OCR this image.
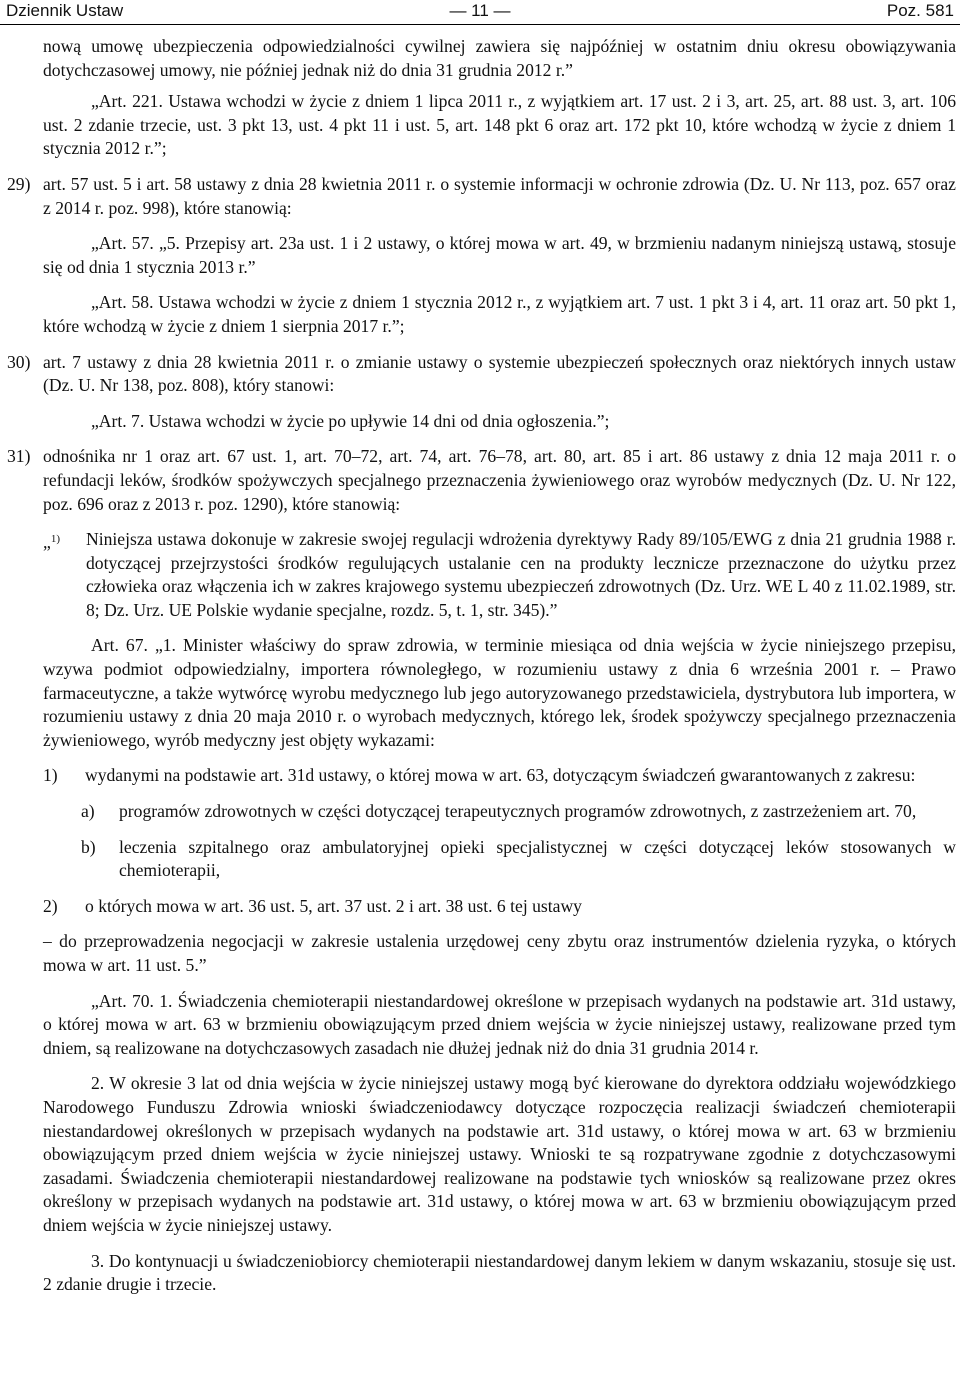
Dziennik Ustaw	— 11 —	Poz. 581

nową umowę ubezpieczenia odpowiedzialności cywilnej zawiera się najpóźniej w ostatnim dniu okresu obowiązywania dotychczasowej umowy, nie później jednak niż do dnia 31 grudnia 2012 r.”

„Art. 221. Ustawa wchodzi w życie z dniem 1 lipca 2011 r., z wyjątkiem art. 17 ust. 2 i 3, art. 25, art. 88 ust. 3, art. 106 ust. 2 zdanie trzecie, ust. 3 pkt 13, ust. 4 pkt 11 i ust. 5, art. 148 pkt 6 oraz art. 172 pkt 10, które wchodzą w życie z dniem 1 stycznia 2012 r.”;

29) art. 57 ust. 5 i art. 58 ustawy z dnia 28 kwietnia 2011 r. o systemie informacji w ochronie zdrowia (Dz. U. Nr 113, poz. 657 oraz z 2014 r. poz. 998), które stanowią:

„Art. 57. „5. Przepisy art. 23a ust. 1 i 2 ustawy, o której mowa w art. 49, w brzmieniu nadanym niniejszą ustawą, stosuje się od dnia 1 stycznia 2013 r.”

„Art. 58. Ustawa wchodzi w życie z dniem 1 stycznia 2012 r., z wyjątkiem art. 7 ust. 1 pkt 3 i 4, art. 11 oraz art. 50 pkt 1, które wchodzą w życie z dniem 1 sierpnia 2017 r.”;

30) art. 7 ustawy z dnia 28 kwietnia 2011 r. o zmianie ustawy o systemie ubezpieczeń społecznych oraz niektórych innych ustaw (Dz. U. Nr 138, poz. 808), który stanowi:

„Art. 7. Ustawa wchodzi w życie po upływie 14 dni od dnia ogłoszenia.”;

31) odnośnika nr 1 oraz art. 67 ust. 1, art. 70–72, art. 74, art. 76–78, art. 80, art. 85 i art. 86 ustawy z dnia 12 maja 2011 r. o refundacji leków, środków spożywczych specjalnego przeznaczenia żywieniowego oraz wyrobów medycznych (Dz. U. Nr 122, poz. 696 oraz z 2013 r. poz. 1290), które stanowią:

„$^{1)}$ Niniejsza ustawa dokonuje w zakresie swojej regulacji wdrożenia dyrektywy Rady 89/105/EWG z dnia 21 grudnia 1988 r. dotyczącej przejrzystości środków regulujących ustalanie cen na produkty lecznicze przeznaczone do użytku przez człowieka oraz włączenia ich w zakres krajowego systemu ubezpieczeń zdrowotnych (Dz. Urz. WE L 40 z 11.02.1989, str. 8; Dz. Urz. UE Polskie wydanie specjalne, rozdz. 5, t. 1, str. 345).”

Art. 67. „1. Minister właściwy do spraw zdrowia, w terminie miesiąca od dnia wejścia w życie niniejszego przepisu, wzywa podmiot odpowiedzialny, importera równoległego, w rozumieniu ustawy z dnia 6 września 2001 r. – Prawo farmaceutyczne, a także wytwórcę wyrobu medycznego lub jego autoryzowanego przedstawiciela, dystrybutora lub importera, w rozumieniu ustawy z dnia 20 maja 2010 r. o wyrobach medycznych, którego lek, środek spożywczy specjalnego przeznaczenia żywieniowego, wyrób medyczny jest objęty wykazami:

1) wydanymi na podstawie art. 31d ustawy, o której mowa w art. 63, dotyczącym świadczeń gwarantowanych z zakresu:

a) programów zdrowotnych w części dotyczącej terapeutycznych programów zdrowotnych, z zastrzeżeniem art. 70,

b) leczenia szpitalnego oraz ambulatoryjnej opieki specjalistycznej w części dotyczącej leków stosowanych w chemioterapii,

2) o których mowa w art. 36 ust. 5, art. 37 ust. 2 i art. 38 ust. 6 tej ustawy

– do przeprowadzenia negocjacji w zakresie ustalenia urzędowej ceny zbytu oraz instrumentów dzielenia ryzyka, o których mowa w art. 11 ust. 5.”

„Art. 70. 1. Świadczenia chemioterapii niestandardowej określone w przepisach wydanych na podstawie art. 31d ustawy, o której mowa w art. 63 w brzmieniu obowiązującym przed dniem wejścia w życie niniejszej ustawy, realizowane przed tym dniem, są realizowane na dotychczasowych zasadach nie dłużej jednak niż do dnia 31 grudnia 2014 r.

2. W okresie 3 lat od dnia wejścia w życie niniejszej ustawy mogą być kierowane do dyrektora oddziału wojewódzkiego Narodowego Funduszu Zdrowia wnioski świadczeniodawcy dotyczące rozpoczęcia realizacji świadczeń chemioterapii niestandardowej określonych w przepisach wydanych na podstawie art. 31d ustawy, o której mowa w art. 63 w brzmieniu obowiązującym przed dniem wejścia w życie niniejszej ustawy. Wnioski te są rozpatrywane zgodnie z dotychczasowymi zasadami. Świadczenia chemioterapii niestandardowej realizowane na podstawie tych wniosków są realizowane przez okres określony w przepisach wydanych na podstawie art. 31d ustawy, o której mowa w art. 63 w brzmieniu obowiązującym przed dniem wejścia w życie niniejszej ustawy.

3. Do kontynuacji u świadczeniobiorcy chemioterapii niestandardowej danym lekiem w danym wskazaniu, stosuje się ust. 2 zdanie drugie i trzecie.
